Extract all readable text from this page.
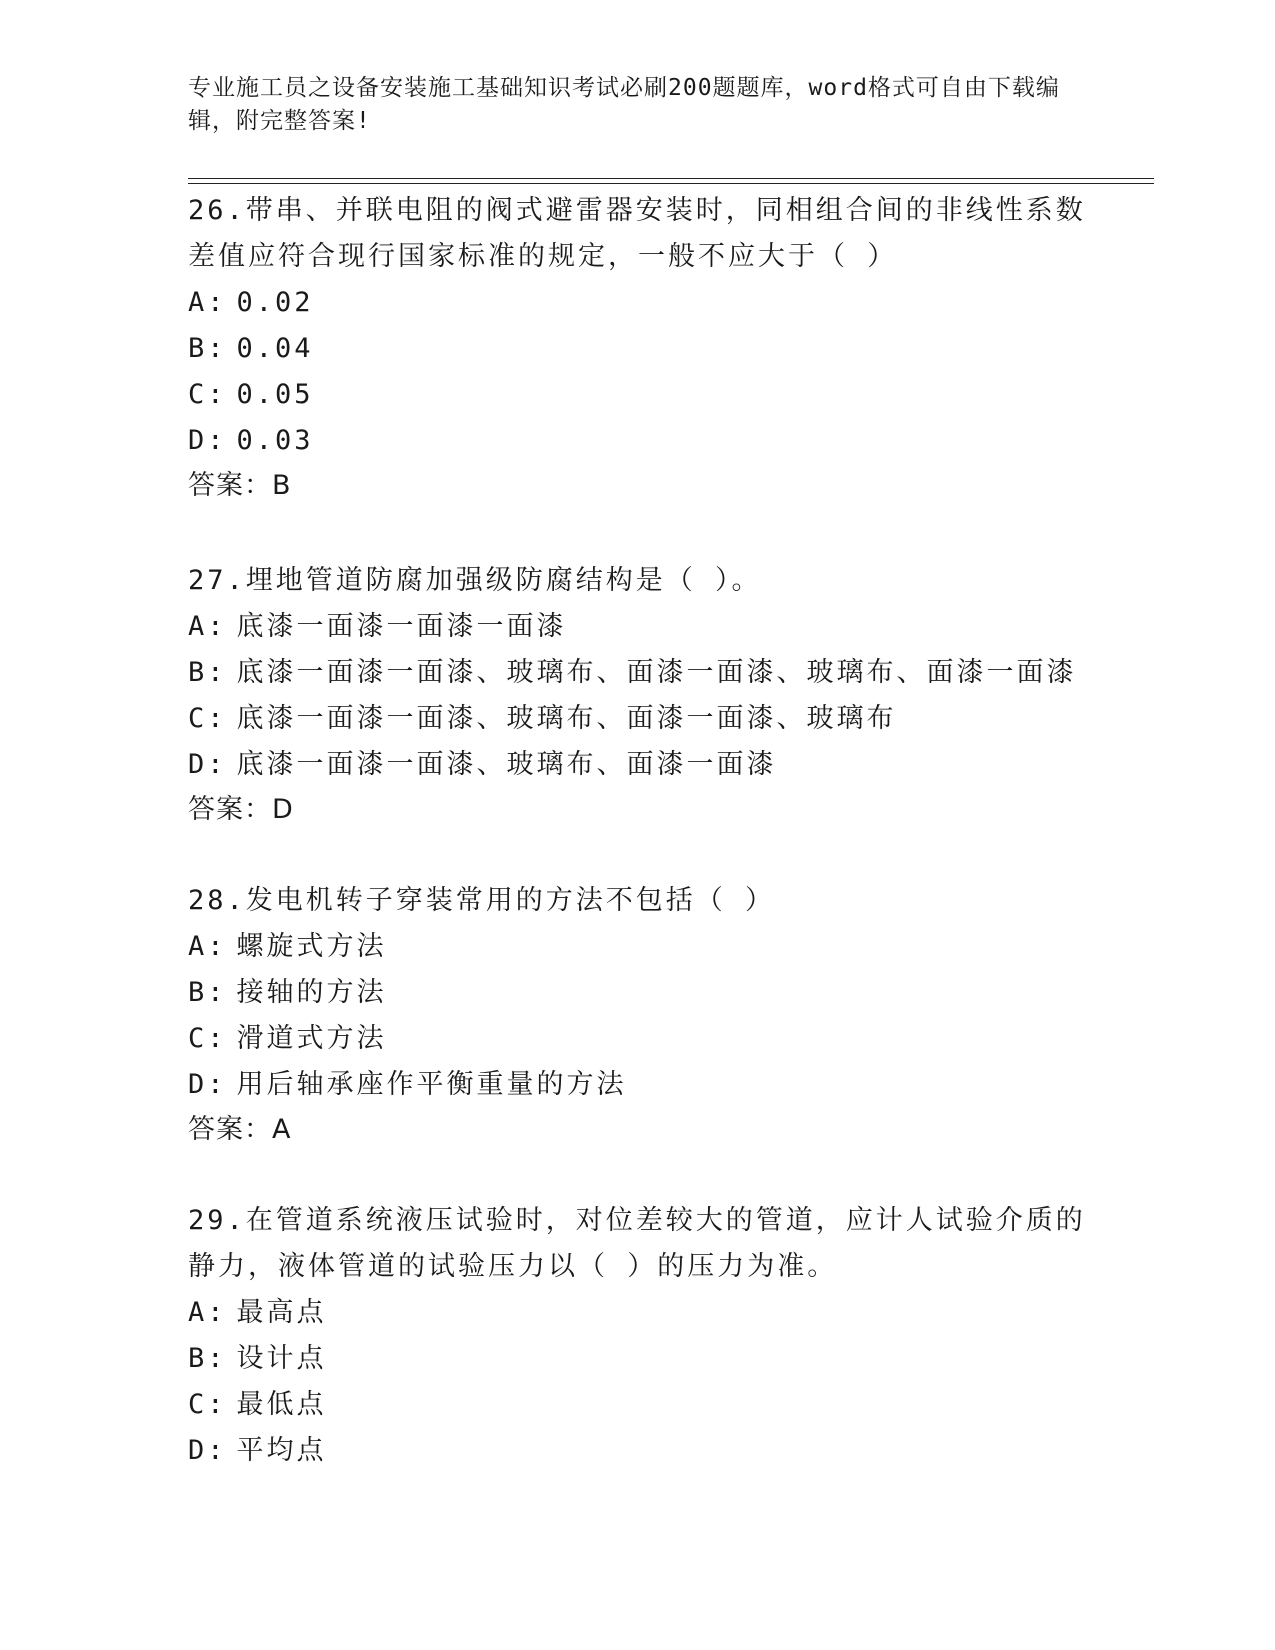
专业施工员之设备安装施工基础知识考试必刷200题题库，word格式可自由下载编辑，附完整答案!

26.带串、并联电阻的阀式避雷器安装时，同相组合间的非线性系数差值应符合现行国家标准的规定，一般不应大于（ ）

A: 0.02

B: 0.04

C: 0.05

D: 0.03

答案：B

27.埋地管道防腐加强级防腐结构是（ ）。

A: 底漆一面漆一面漆一面漆

B: 底漆一面漆一面漆、玻璃布、面漆一面漆、玻璃布、面漆一面漆

C: 底漆一面漆一面漆、玻璃布、面漆一面漆、玻璃布

D: 底漆一面漆一面漆、玻璃布、面漆一面漆

答案：D

28.发电机转子穿装常用的方法不包括（ ）

A: 螺旋式方法

B: 接轴的方法

C: 滑道式方法

D: 用后轴承座作平衡重量的方法

答案：A

29.在管道系统液压试验时，对位差较大的管道，应计人试验介质的静力，液体管道的试验压力以（ ）的压力为准。

A: 最高点

B: 设计点

C: 最低点

D: 平均点
